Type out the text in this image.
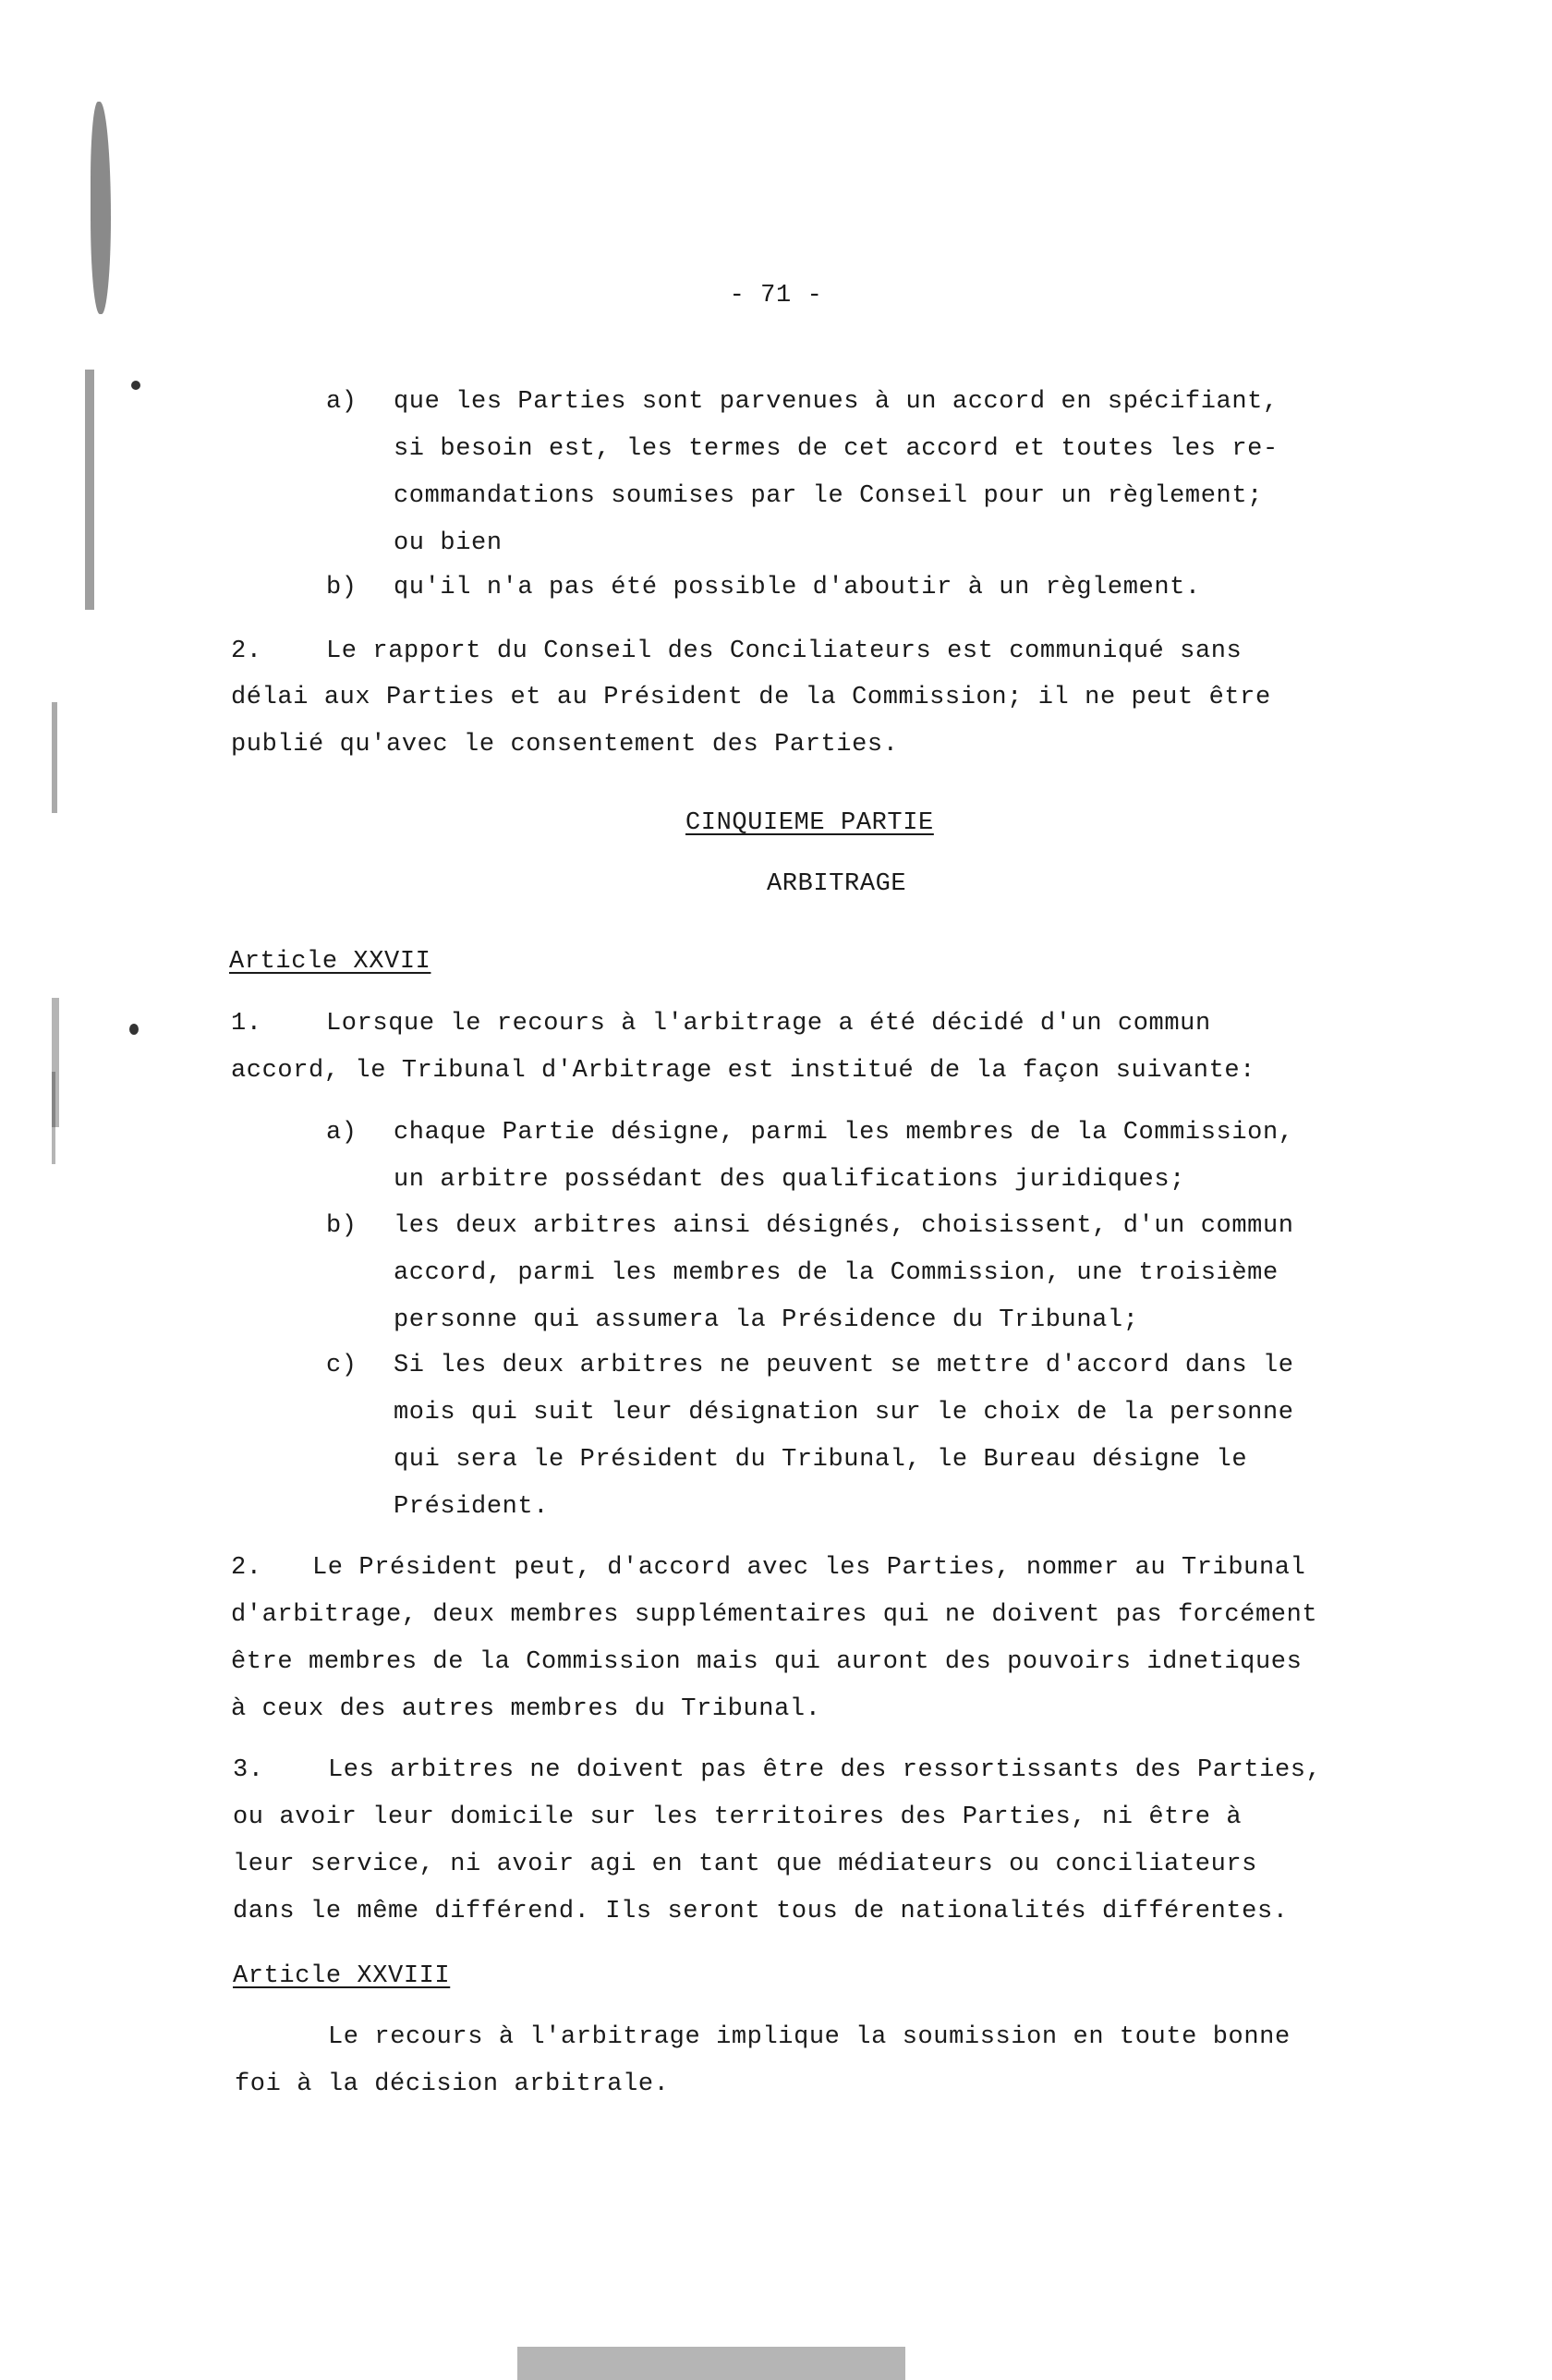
- 71 -

a) que les Parties sont parvenues à un accord en spécifiant,

si besoin est, les termes de cet accord et toutes les re-

commandations soumises par le Conseil pour un règlement;

ou bien

b) qu'il n'a pas été possible d'aboutir à un règlement.

2.	Le rapport du Conseil des Conciliateurs est communiqué sans

délai aux Parties et au Président de la Commission; il ne peut être

publié qu'avec le consentement des Parties.

CINQUIEME PARTIE

ARBITRAGE

Article XXVII

1.	Lorsque le recours à l'arbitrage a été décidé d'un commun

accord, le Tribunal d'Arbitrage est institué de la façon suivante:

a) chaque Partie désigne, parmi les membres de la Commission,

un arbitre possédant des qualifications juridiques;

b) les deux arbitres ainsi désignés, choisissent, d'un commun

accord, parmi les membres de la Commission, une troisième

personne qui assumera la Présidence du Tribunal;

c) Si les deux arbitres ne peuvent se mettre d'accord dans le

mois qui suit leur désignation sur le choix de la personne

qui sera le Président du Tribunal, le Bureau désigne le

Président.

2. Le Président peut, d'accord avec les Parties, nommer au Tribunal

d'arbitrage, deux membres supplémentaires qui ne doivent pas forcément

être membres de la Commission mais qui auront des pouvoirs idnetiques

à ceux des autres membres du Tribunal.

3.	Les arbitres ne doivent pas être des ressortissants des Parties,

ou avoir leur domicile sur les territoires des Parties, ni être à

leur service, ni avoir agi en tant que médiateurs ou conciliateurs

dans le même différend. Ils seront tous de nationalités différentes.

Article XXVIII

Le recours à l'arbitrage implique la soumission en toute bonne

foi à la décision arbitrale.
